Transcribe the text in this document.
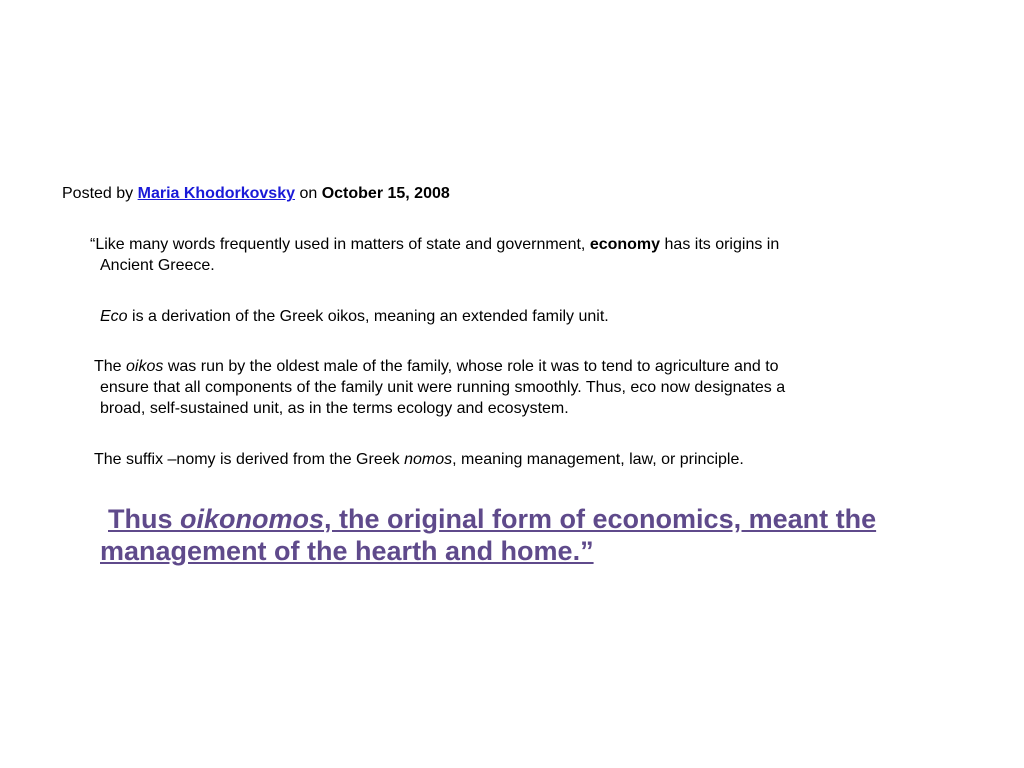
Posted by Maria Khodorkovsky on October 15, 2008
“Like many words frequently used in matters of state and government, economy has its origins in
Ancient Greece.
Eco is a derivation of the Greek oikos, meaning an extended family unit.
The oikos was run by the oldest male of the family, whose role it was to tend to agriculture and to
ensure that all components of the family unit were running smoothly. Thus, eco now designates a
broad, self-sustained unit, as in the terms ecology and ecosystem.
The suffix –nomy is derived from the Greek nomos, meaning management, law, or principle.
Thus oikonomos, the original form of economics, meant the
management of the hearth and home.”
